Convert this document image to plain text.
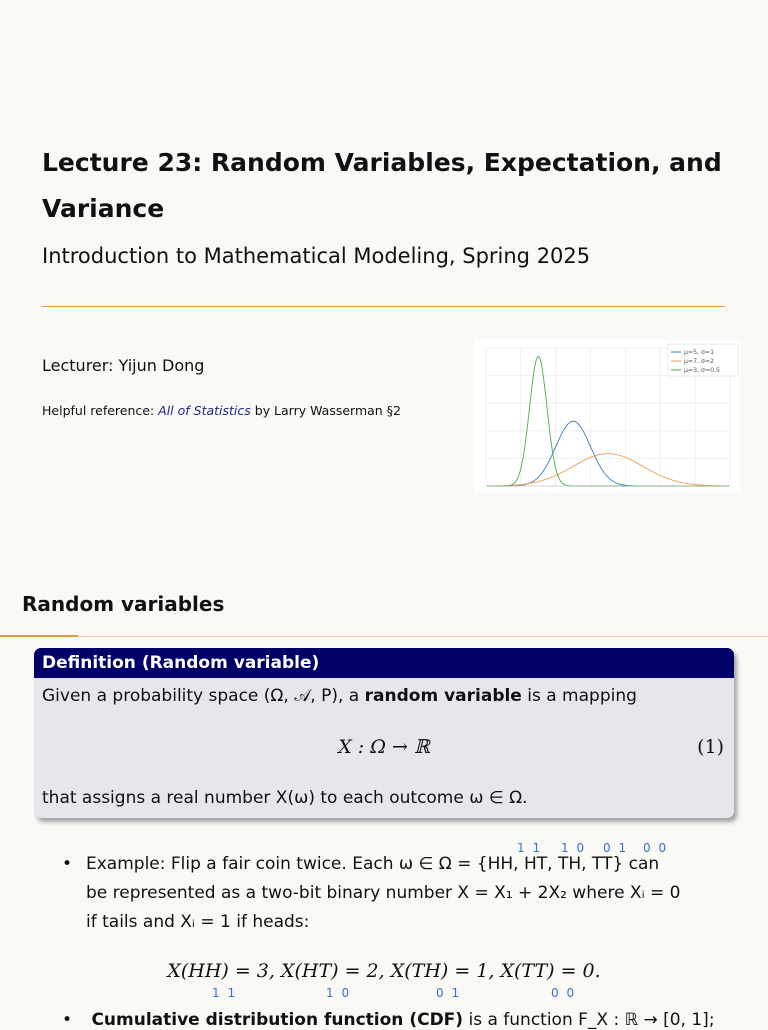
Lecture 23: Random Variables, Expectation, and Variance
Introduction to Mathematical Modeling, Spring 2025
Lecturer: Yijun Dong
Helpful reference: All of Statistics by Larry Wasserman §2
μ=5, σ=1
μ=7, σ=2
μ=3, σ=0.5
Random variables
Definition (Random variable)
Given a probability space (Ω, 𝒜, P), a random variable is a mapping
X : Ω → ℝ	(1)
that assigns a real number X(ω) to each outcome ω ∈ Ω.
• Example: Flip a fair coin twice. Each ω ∈ Ω = {HH, HT, TH, TT} can
be represented as a two-bit binary number X = X₁ + 2X₂ where Xᵢ = 0
if tails and Xᵢ = 1 if heads:
1 1 1 0 0 1 0 0
X(HH) = 3, X(HT) = 2, X(TH) = 1, X(TT) = 0.
1 1	1 0	0 1	0 0
• Cumulative distribution function (CDF) is a function F_X : ℝ → [0, 1];
